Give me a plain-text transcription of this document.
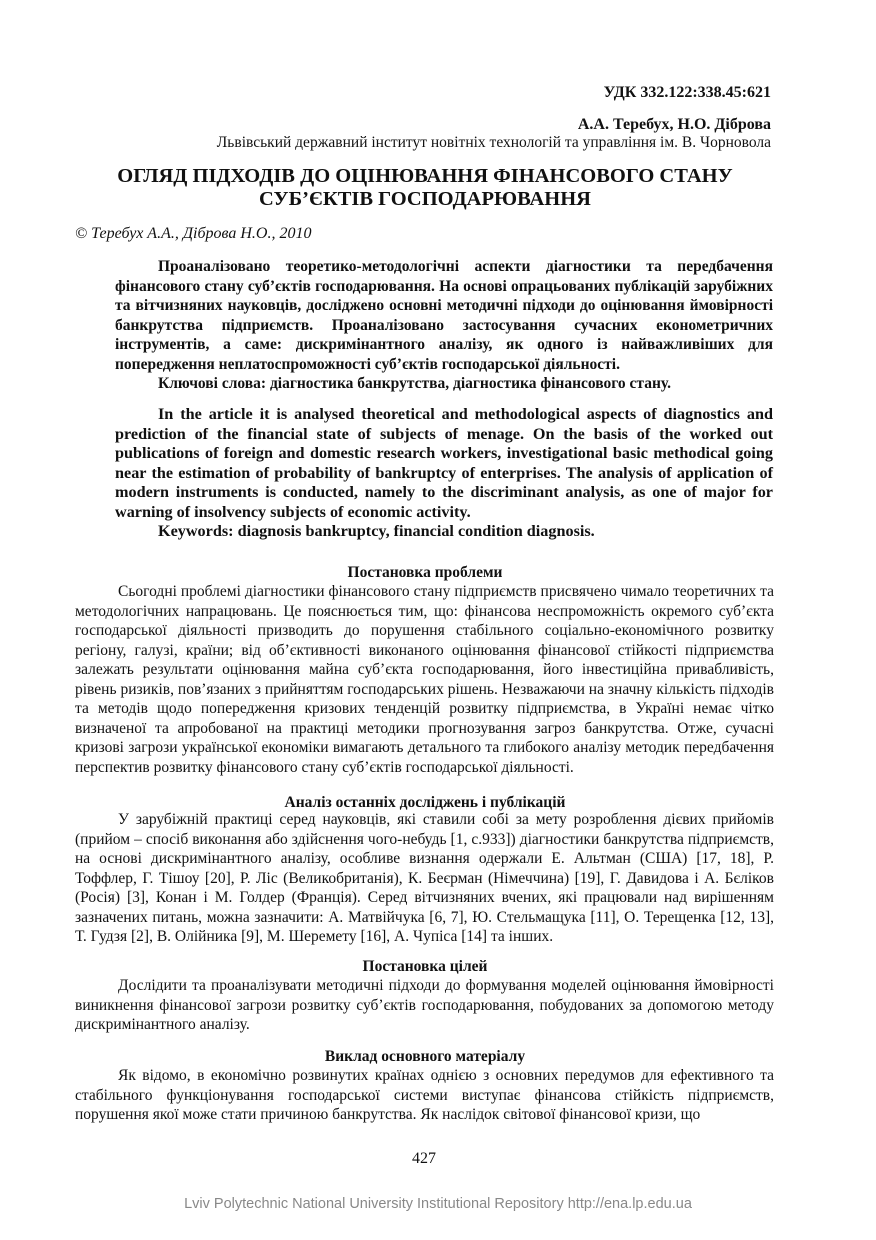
УДК 332.122:338.45:621
А.А. Теребух, Н.О. Діброва
Львівський державний інститут новітніх технологій та управління ім. В. Чорновола
ОГЛЯД ПІДХОДІВ ДО ОЦІНЮВАННЯ ФІНАНСОВОГО СТАНУ СУБ’ЄКТІВ ГОСПОДАРЮВАННЯ
© Теребух А.А., Діброва Н.О., 2010

Проаналізовано теоретико-методологічні аспекти діагностики та передбачення фінансового стану суб’єктів господарювання. На основі опрацьованих публікацій зарубіжних та вітчизняних науковців, досліджено основні методичні підходи до оцінювання ймовірності банкрутства підприємств. Проаналізовано застосування сучасних економетричних інструментів, а саме: дискримінантного аналізу, як одного із найважливіших для попередження неплатоспроможності суб’єктів господарської діяльності.

Ключові слова: діагностика банкрутства, діагностика фінансового стану.

In the article it is analysed theoretical and methodological aspects of diagnostics and prediction of the financial state of subjects of menage. On the basis of the worked out publications of foreign and domestic research workers, investigational basic methodical going near the estimation of probability of bankruptcy of enterprises. The analysis of application of modern instruments is conducted, namely to the discriminant analysis, as one of major for warning of insolvency subjects of economic activity.

Keywords: diagnosis bankruptcy, financial condition diagnosis.

Постановка проблеми

Сьогодні проблемі діагностики фінансового стану підприємств присвячено чимало теоретичних та методологічних напрацювань. Це пояснюється тим, що: фінансова неспроможність окремого суб’єкта господарської діяльності призводить до порушення стабільного соціально-економічного розвитку регіону, галузі, країни; від об’єктивності виконаного оцінювання фінансової стійкості підприємства залежать результати оцінювання майна суб’єкта господарювання, його інвестиційна привабливість, рівень ризиків, пов’язаних з прийняттям господарських рішень. Незважаючи на значну кількість підходів та методів щодо попередження кризових тенденцій розвитку підприємства, в Україні немає чітко визначеної та апробованої на практиці методики прогнозування загроз банкрутства. Отже, сучасні кризові загрози української економіки вимагають детального та глибокого аналізу методик передбачення перспектив розвитку фінансового стану суб’єктів господарської діяльності.

Аналіз останніх досліджень і публікацій

У зарубіжній практиці серед науковців, які ставили собі за мету розроблення дієвих прийомів (прийом – спосіб виконання або здійснення чого-небудь [1, с.933]) діагностики банкрутства підприємств, на основі дискримінантного аналізу, особливе визнання одержали Е. Альтман (США) [17, 18], Р. Тоффлер, Г. Тішоу [20], Р. Ліс (Великобританія), К. Беєрман (Німеччина) [19], Г. Давидова і А. Бєліков (Росія) [3], Конан і М. Голдер (Франція). Серед вітчизняних вчених, які працювали над вирішенням зазначених питань, можна зазначити: А. Матвійчука [6, 7], Ю. Стельмащука [11], О. Терещенка [12, 13], Т. Гудзя [2], В. Олійника [9], М. Шеремету [16], А. Чупіса [14] та інших.

Постановка цілей

Дослідити та проаналізувати методичні підходи до формування моделей оцінювання ймовірності виникнення фінансової загрози розвитку суб’єктів господарювання, побудованих за допомогою методу дискримінантного аналізу.

Виклад основного матеріалу

Як відомо, в економічно розвинутих країнах однією з основних передумов для ефективного та стабільного функціонування господарської системи виступає фінансова стійкість підприємств, порушення якої може стати причиною банкрутства. Як наслідок світової фінансової кризи, що

427
Lviv Polytechnic National University Institutional Repository http://ena.lp.edu.ua
